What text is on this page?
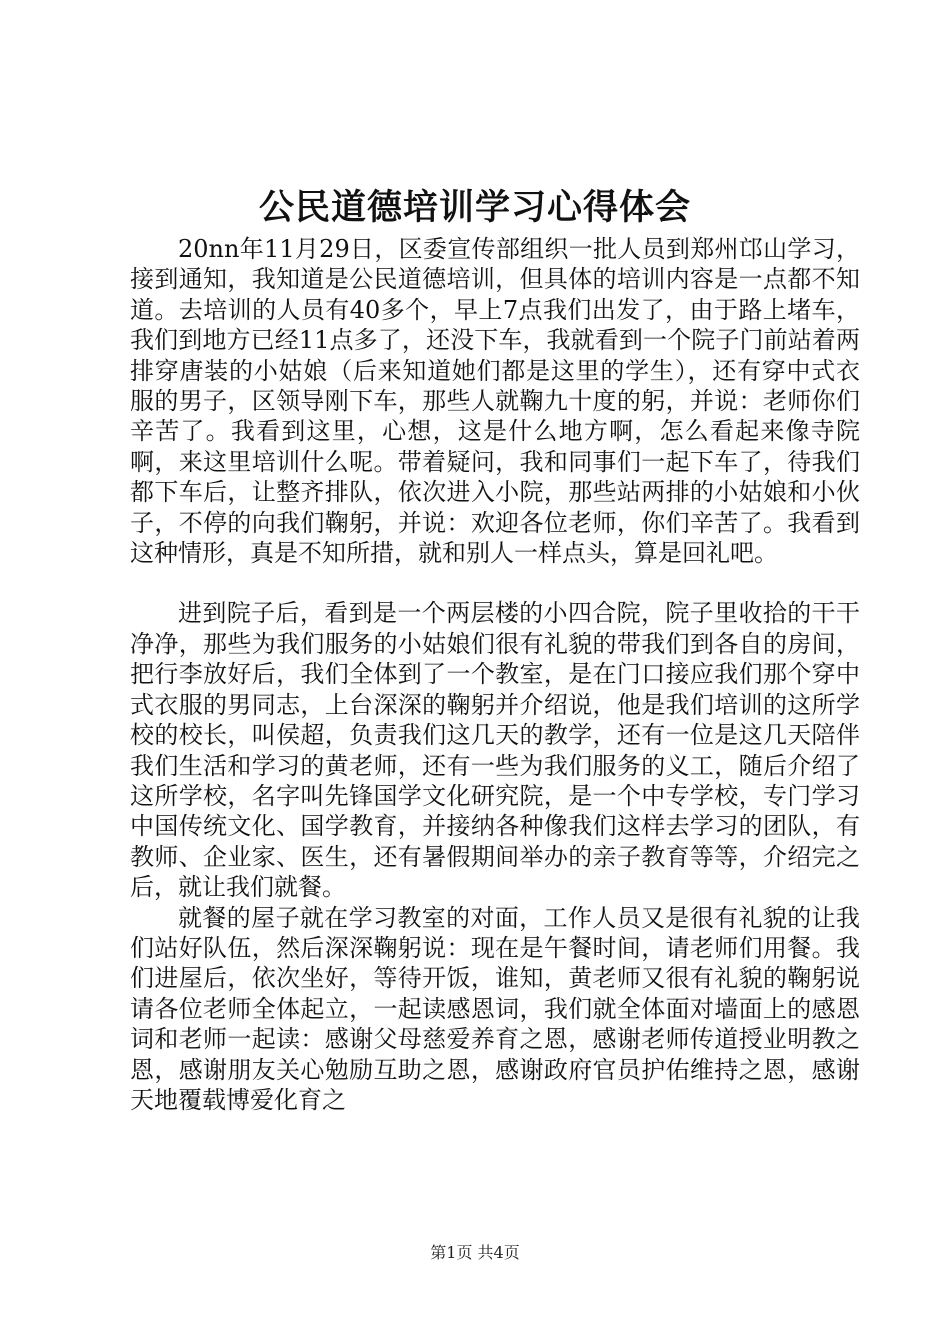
公民道德培训学习心得体会

20nn年11月29日，区委宣传部组织一批人员到郑州邙山学习，接到通知，我知道是公民道德培训，但具体的培训内容是一点都不知道。去培训的人员有40多个，早上7点我们出发了，由于路上堵车，我们到地方已经11点多了，还没下车，我就看到一个院子门前站着两排穿唐装的小姑娘（后来知道她们都是这里的学生），还有穿中式衣服的男子，区领导刚下车，那些人就鞠九十度的躬，并说：老师你们辛苦了。我看到这里，心想，这是什么地方啊，怎么看起来像寺院啊，来这里培训什么呢。带着疑问，我和同事们一起下车了，待我们都下车后，让整齐排队，依次进入小院，那些站两排的小姑娘和小伙子，不停的向我们鞠躬，并说：欢迎各位老师，你们辛苦了。我看到这种情形，真是不知所措，就和别人一样点头，算是回礼吧。

进到院子后，看到是一个两层楼的小四合院，院子里收拾的干干净净，那些为我们服务的小姑娘们很有礼貌的带我们到各自的房间，把行李放好后，我们全体到了一个教室，是在门口接应我们那个穿中式衣服的男同志，上台深深的鞠躬并介绍说，他是我们培训的这所学校的校长，叫侯超，负责我们这几天的教学，还有一位是这几天陪伴我们生活和学习的黄老师，还有一些为我们服务的义工，随后介绍了这所学校，名字叫先锋国学文化研究院，是一个中专学校，专门学习中国传统文化、国学教育，并接纳各种像我们这样去学习的团队，有教师、企业家、医生，还有暑假期间举办的亲子教育等等，介绍完之后，就让我们就餐。

就餐的屋子就在学习教室的对面，工作人员又是很有礼貌的让我们站好队伍，然后深深鞠躬说：现在是午餐时间，请老师们用餐。我们进屋后，依次坐好，等待开饭，谁知，黄老师又很有礼貌的鞠躬说请各位老师全体起立，一起读感恩词，我们就全体面对墙面上的感恩词和老师一起读：感谢父母慈爱养育之恩，感谢老师传道授业明教之恩，感谢朋友关心勉励互助之恩，感谢政府官员护佑维持之恩，感谢天地覆载博爱化育之

第1页 共4页
